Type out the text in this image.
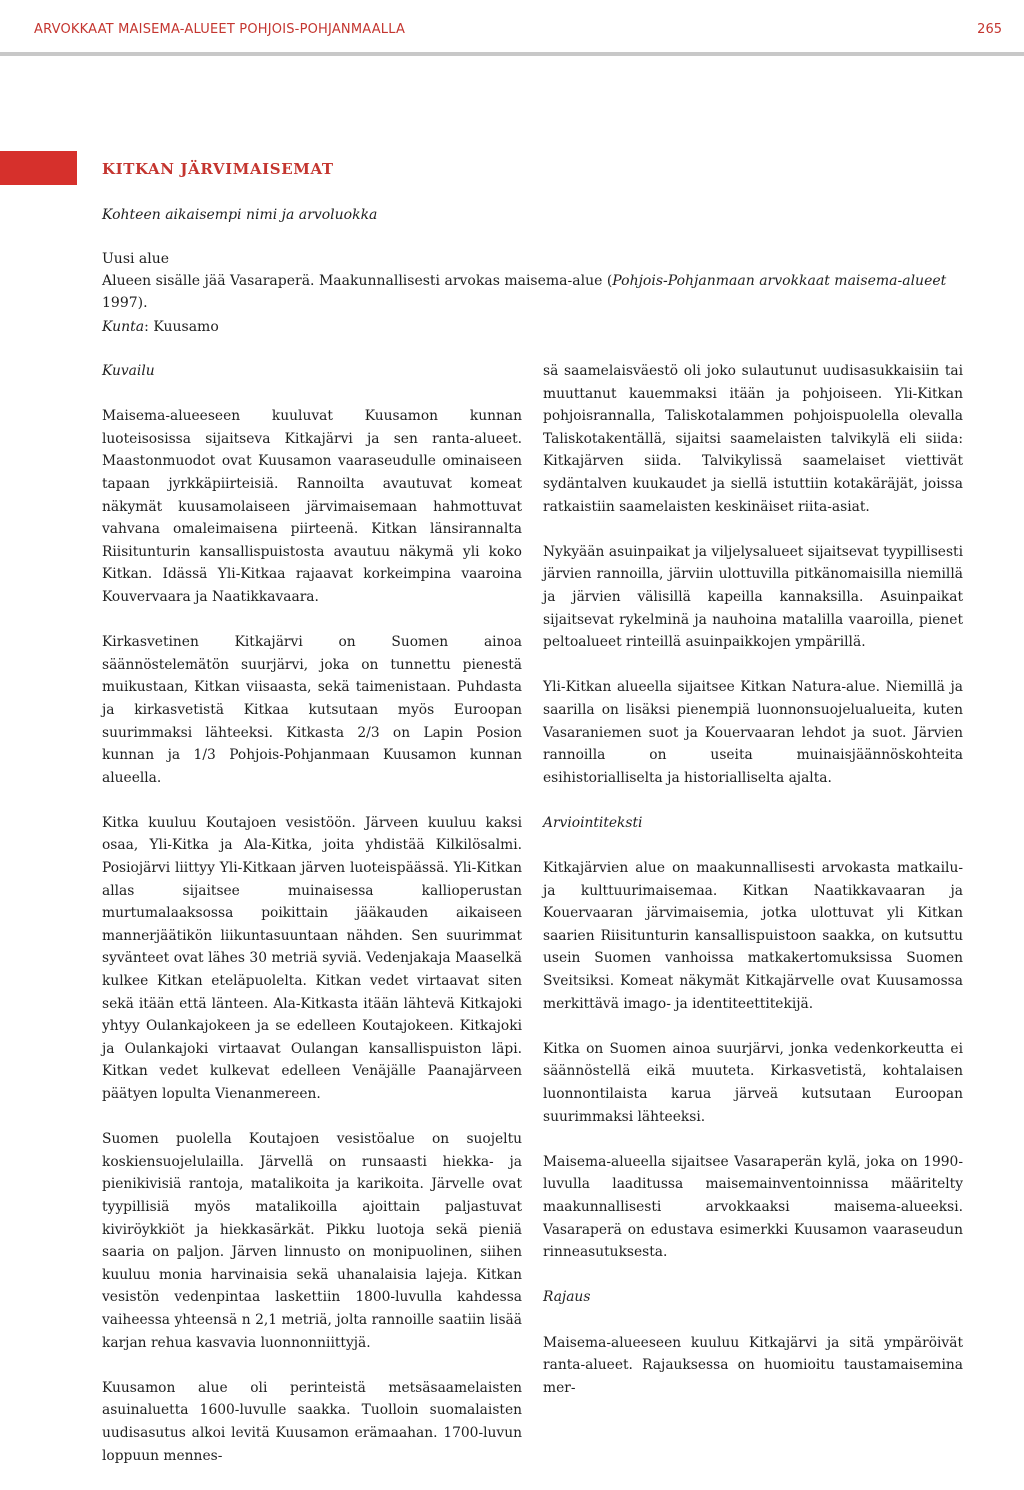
ARVOKKAAT MAISEMA-ALUEET POHJOIS-POHJANMAALLA	265
KITKAN JÄRVIMAISEMAT
Kohteen aikaisempi nimi ja arvoluokka
Uusi alue
Alueen sisälle jää Vasaraperä. Maakunnallisesti arvokas maisema-alue (Pohjois-Pohjanmaan arvokkaat maisema-alueet 1997).
Kunta: Kuusamo

Kuvailu

Maisema-alueeseen kuuluvat Kuusamon kunnan luoteisosissa sijaitseva Kitkajärvi ja sen ranta-alueet. Maastonmuodot ovat Kuusamon vaaraseudulle ominaiseen tapaan jyrkkäpiirteisiä. Rannoilta avautuvat komeat näkymät kuusamolaiseen järvimaisemaan hahmottuvat vahvana omaleimaisena piirteenä. Kitkan länsirannalta Riisitunturin kansallispuistosta avautuu näkymä yli koko Kitkan. Idässä Yli-Kitkaa rajaavat korkeimpina vaaroina Kouvervaara ja Naatikkavaara.

Kirkasvetinen Kitkajärvi on Suomen ainoa säännöstelemätön suurjärvi, joka on tunnettu pienestä muikustaan, Kitkan viisaasta, sekä taimenistaan. Puhdasta ja kirkasvetistä Kitkaa kutsutaan myös Euroopan suurimmaksi lähteeksi. Kitkasta 2/3 on Lapin Posion kunnan ja 1/3 Pohjois-Pohjanmaan Kuusamon kunnan alueella.

Kitka kuuluu Koutajoen vesistöön. Järveen kuuluu kaksi osaa, Yli-Kitka ja Ala-Kitka, joita yhdistää Kilkilösalmi. Posiojärvi liittyy Yli-Kitkaan järven luoteispäässä. Yli-Kitkan allas sijaitsee muinaisessa kallioperustan murtumalaaksossa poikittain jääkauden aikaiseen mannerjäätikön liikuntasuuntaan nähden. Sen suurimmat syvänteet ovat lähes 30 metriä syviä. Vedenjakaja Maaselkä kulkee Kitkan eteläpuolelta. Kitkan vedet virtaavat siten sekä itään että länteen. Ala-Kitkasta itään lähtevä Kitkajoki yhtyy Oulankajokeen ja se edelleen Koutajokeen. Kitkajoki ja Oulankajoki virtaavat Oulangan kansallispuiston läpi. Kitkan vedet kulkevat edelleen Venäjälle Paanajärveen päätyen lopulta Vienanmereen.

Suomen puolella Koutajoen vesistöalue on suojeltu koskiensuojelulailla. Järvellä on runsaasti hiekka- ja pienikivisiä rantoja, matalikoita ja karikoita. Järvelle ovat tyypillisiä myös matalikoilla ajoittain paljastuvat kiviröykkiöt ja hiekkasärkät. Pikku luotoja sekä pieniä saaria on paljon. Järven linnusto on monipuolinen, siihen kuuluu monia harvinaisia sekä uhanalaisia lajeja. Kitkan vesistön vedenpintaa laskettiin 1800-luvulla kahdessa vaiheessa yhteensä n 2,1 metriä, jolta rannoille saatiin lisää karjan rehua kasvavia luonnonniittyjä.

Kuusamon alue oli perinteistä metsäsaamelaisten asuinaluetta 1600-luvulle saakka. Tuolloin suomalaisten uudisasutus alkoi levitä Kuusamon erämaahan. 1700-luvun loppuun mennes-

sä saamelaisväestö oli joko sulautunut uudisasukkaisiin tai muuttanut kauemmaksi itään ja pohjoiseen. Yli-Kitkan pohjoisrannalla, Taliskotalammen pohjoispuolella olevalla Taliskotakentällä, sijaitsi saamelaisten talvikylä eli siida: Kitkajärven siida. Talvikylissä saamelaiset viettivät sydäntalven kuukaudet ja siellä istuttiin kotakäräjät, joissa ratkaistiin saamelaisten keskinäiset riita-asiat.

Nykyään asuinpaikat ja viljelysalueet sijaitsevat tyypillisesti järvien rannoilla, järviin ulottuvilla pitkänomaisilla niemillä ja järvien välisillä kapeilla kannaksilla. Asuinpaikat sijaitsevat rykelminä ja nauhoina matalilla vaaroilla, pienet peltoalueet rinteillä asuinpaikkojen ympärillä.

Yli-Kitkan alueella sijaitsee Kitkan Natura-alue. Niemillä ja saarilla on lisäksi pienempiä luonnonsuojelualueita, kuten Vasaraniemen suot ja Kouervaaran lehdot ja suot. Järvien rannoilla on useita muinaisjäännöskohteita esihistorialliselta ja historialliselta ajalta.

Arviointiteksti

Kitkajärvien alue on maakunnallisesti arvokasta matkailu- ja kulttuurimaisemaa. Kitkan Naatikkavaaran ja Kouervaaran järvimaisemia, jotka ulottuvat yli Kitkan saarien Riisitunturin kansallispuistoon saakka, on kutsuttu usein Suomen vanhoissa matkakertomuksissa Suomen Sveitsiksi. Komeat näkymät Kitkajärvelle ovat Kuusamossa merkittävä imago- ja identiteettitekijä.

Kitka on Suomen ainoa suurjärvi, jonka vedenkorkeutta ei säännöstellä eikä muuteta. Kirkasvetistä, kohtalaisen luonnontilaista karua järveä kutsutaan Euroopan suurimmaksi lähteeksi.

Maisema-alueella sijaitsee Vasaraperän kylä, joka on 1990-luvulla laaditussa maisemainventoinnissa määritelty maakunnallisesti arvokkaaksi maisema-alueeksi. Vasaraperä on edustava esimerkki Kuusamon vaaraseudun rinneasutuksesta.

Rajaus

Maisema-alueeseen kuuluu Kitkajärvi ja sitä ympäröivät ranta-alueet. Rajauksessa on huomioitu taustamaisemina mer-
